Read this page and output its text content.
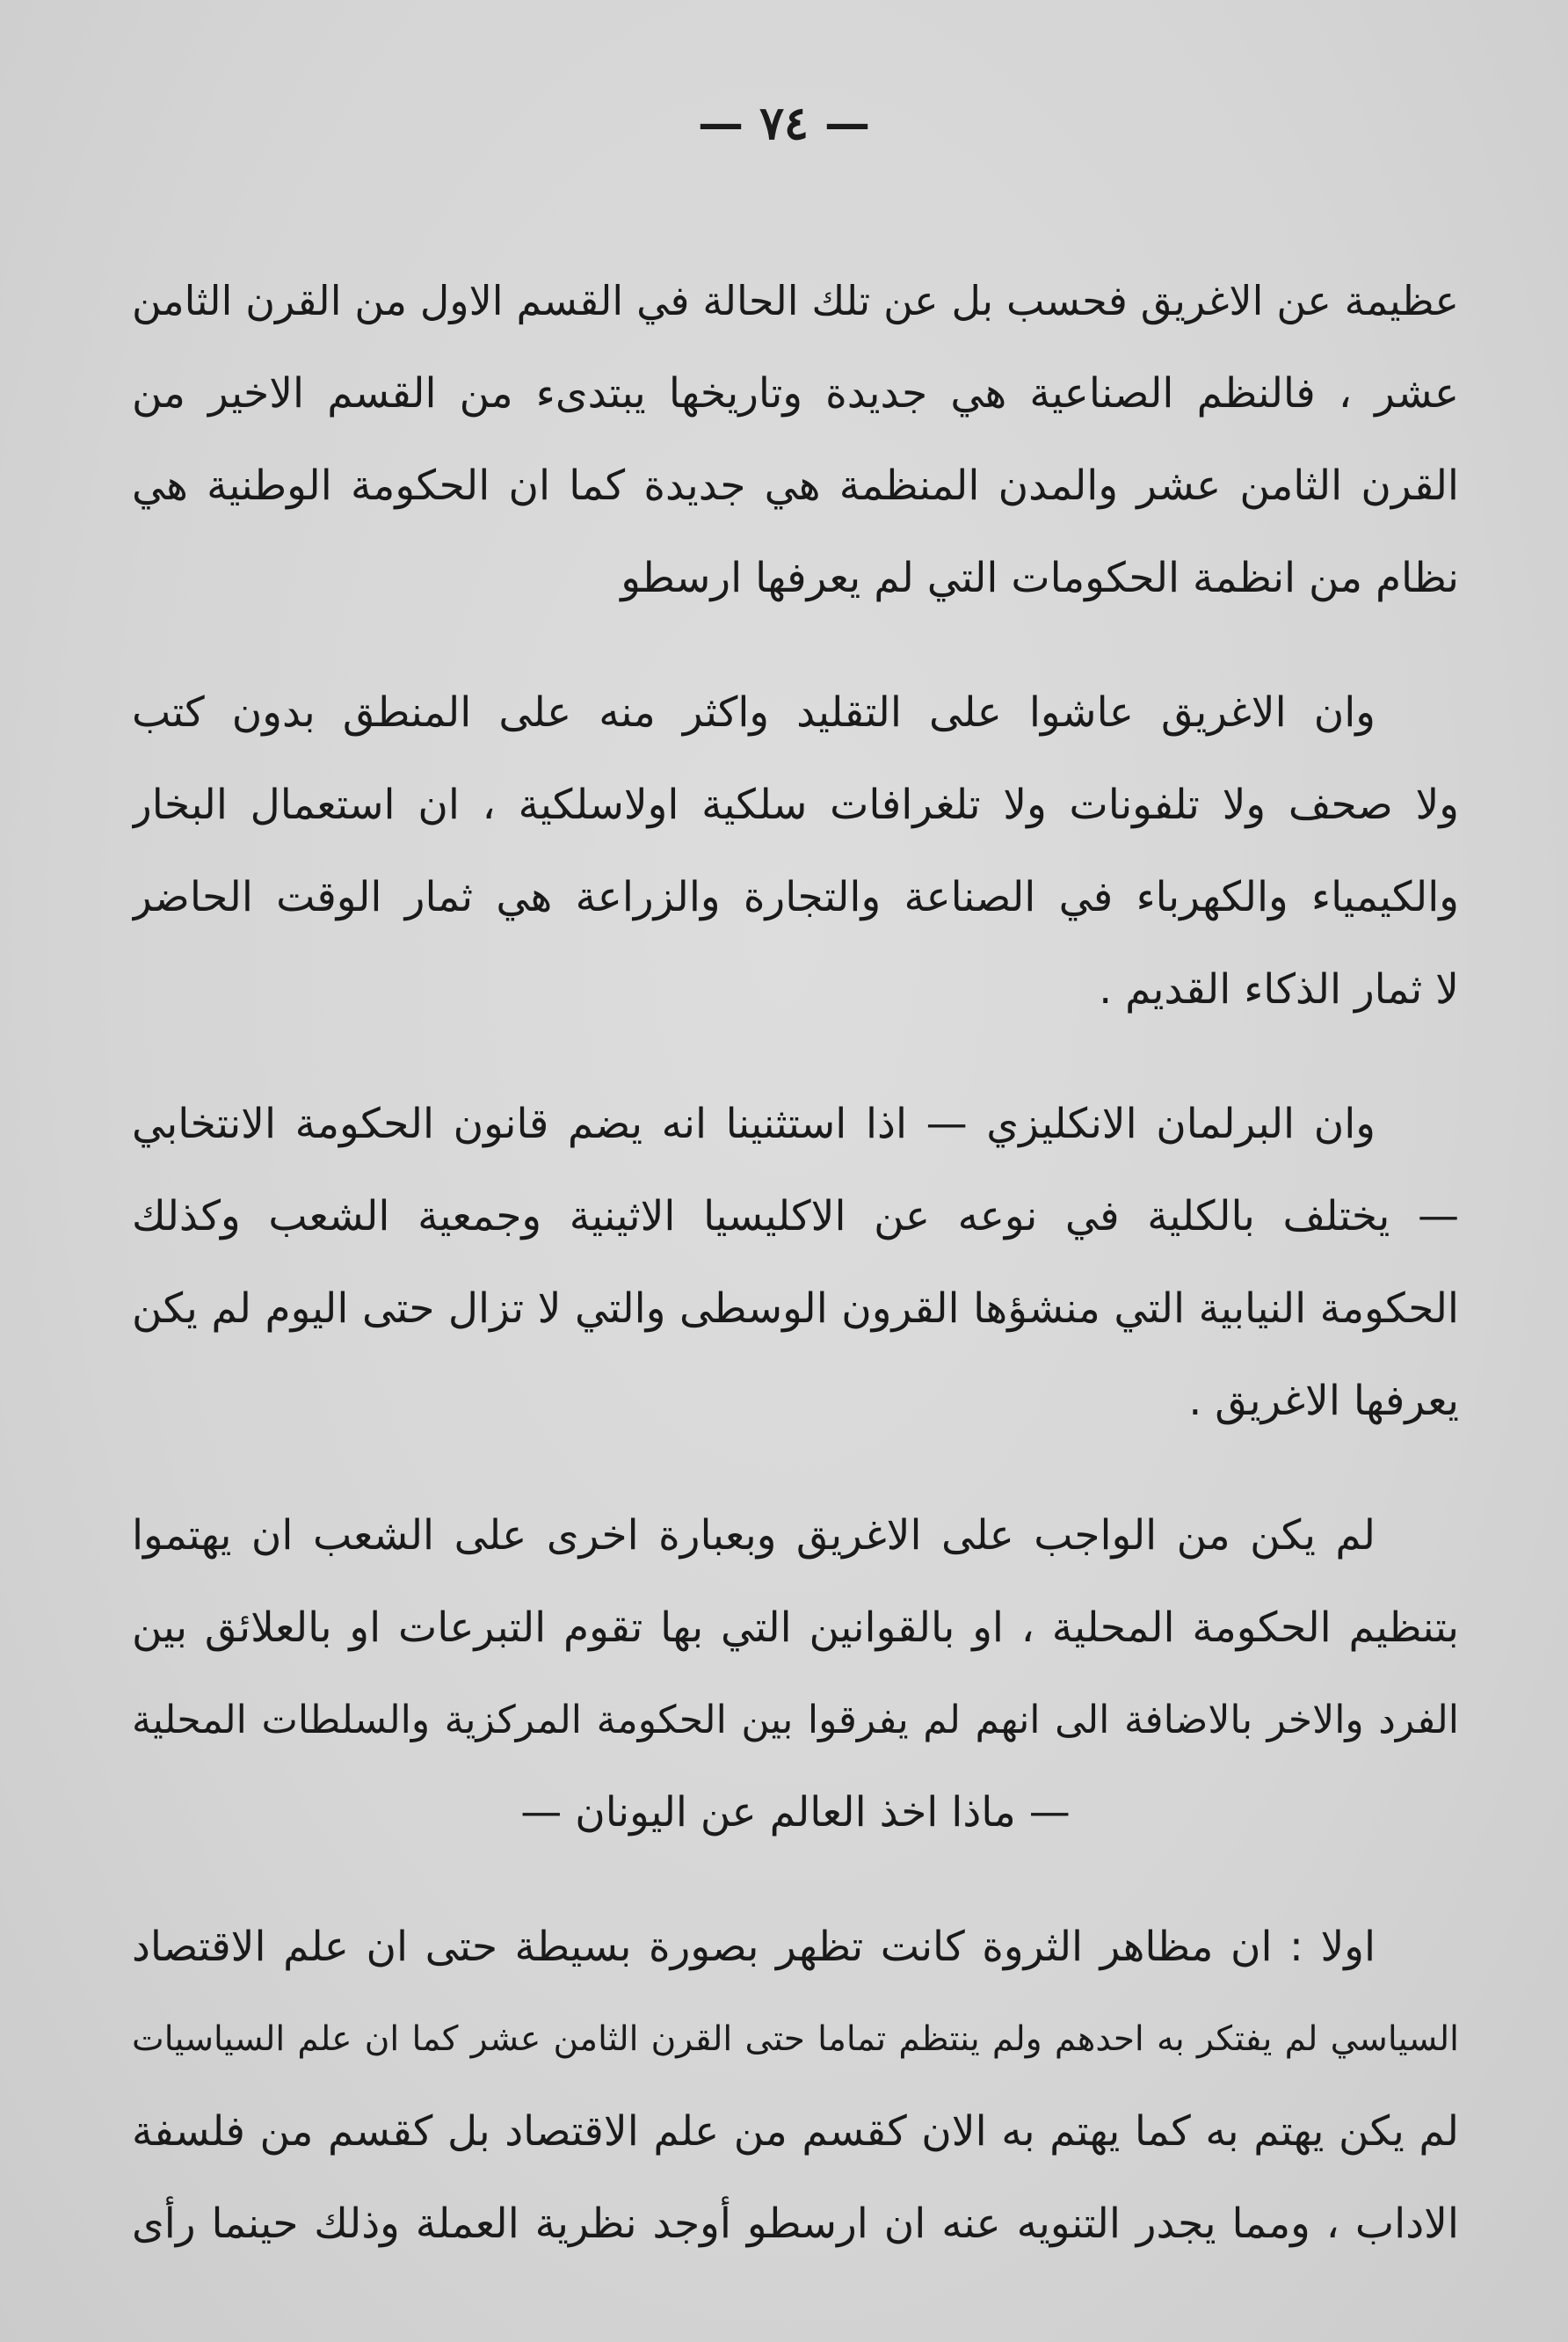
— ٧٤ —
عظيمة عن الاغريق فحسب بل عن تلك الحالة في القسم الاول من القرن الثامن
عشر ، فالنظم الصناعية هي جديدة وتاريخها يبتدىء من القسم الاخير من
القرن الثامن عشر والمدن المنظمة هي جديدة كما ان الحكومة الوطنية هي
نظام من انظمة الحكومات التي لم يعرفها ارسطو
وان الاغريق عاشوا على التقليد واكثر منه على المنطق بدون كتب
ولا صحف ولا تلفونات ولا تلغرافات سلكية اولاسلكية ، ان استعمال البخار
والكيمياء والكهرباء في الصناعة والتجارة والزراعة هي ثمار الوقت الحاضر
لا ثمار الذكاء القديم .
وان البرلمان الانكليزي — اذا استثنينا انه يضم قانون الحكومة الانتخابي
— يختلف بالكلية في نوعه عن الاكليسيا الاثينية وجمعية الشعب وكذلك
الحكومة النيابية التي منشؤها القرون الوسطى والتي لا تزال حتى اليوم لم يكن
يعرفها الاغريق .
لم يكن من الواجب على الاغريق وبعبارة اخرى على الشعب ان يهتموا
بتنظيم الحكومة المحلية ، او بالقوانين التي بها تقوم التبرعات او بالعلائق بين
الفرد والاخر بالاضافة الى انهم لم يفرقوا بين الحكومة المركزية والسلطات المحلية
— ماذا اخذ العالم عن اليونان —
اولا : ان مظاهر الثروة كانت تظهر بصورة بسيطة حتى ان علم الاقتصاد
السياسي لم يفتكر به احدهم ولم ينتظم تماما حتى القرن الثامن عشر كما ان علم السياسيات
لم يكن يهتم به كما يهتم به الان كقسم من علم الاقتصاد بل كقسم من فلسفة
الاداب ، ومما يجدر التنويه عنه ان ارسطو أوجد نظرية العملة وذلك حينما رأى
